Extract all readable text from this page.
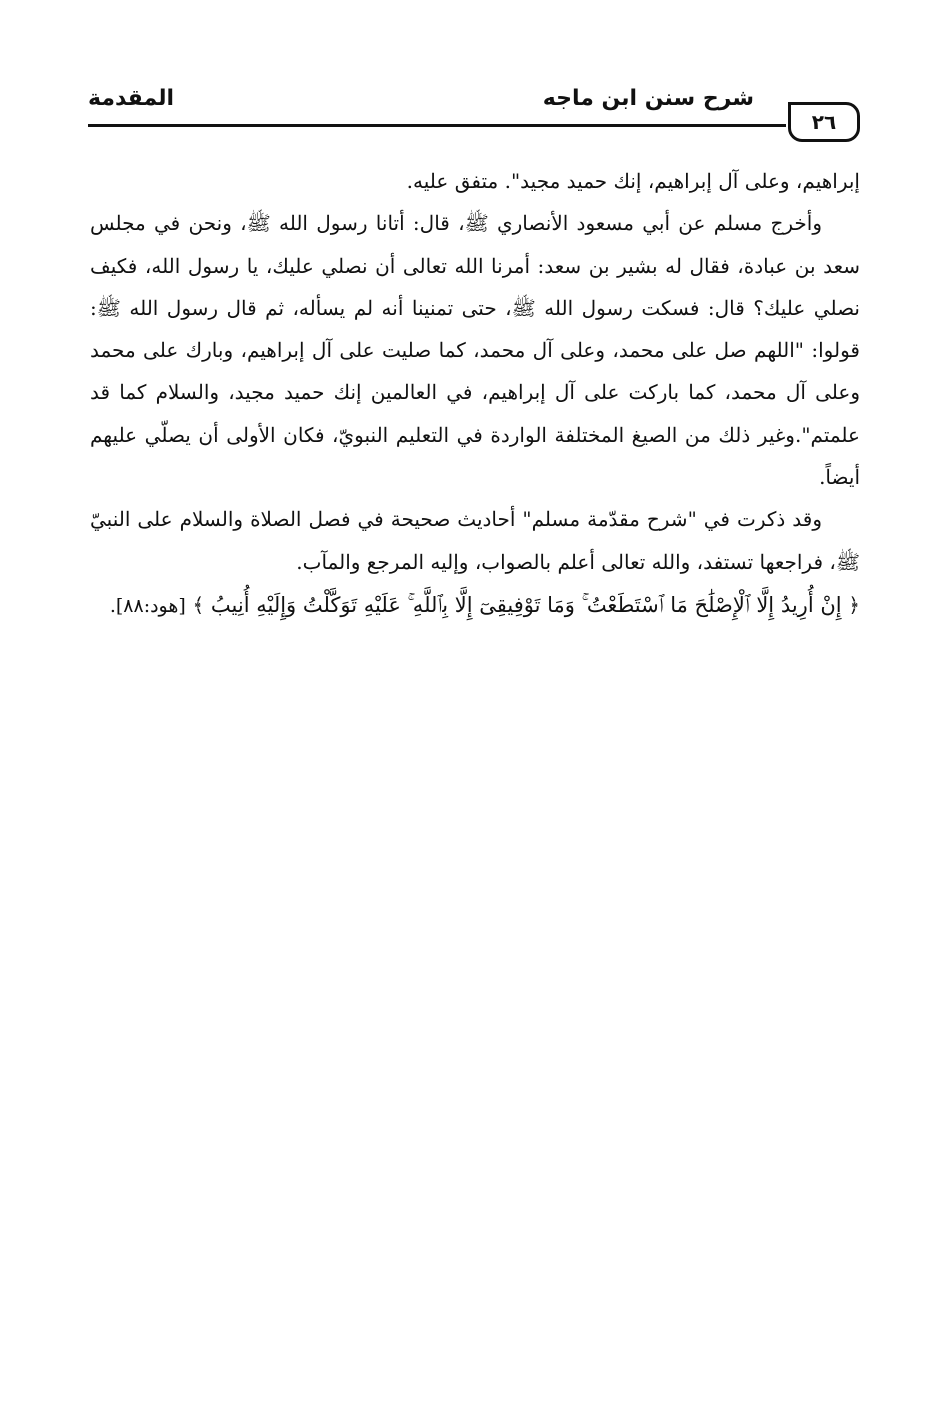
٢٦
شرح سنن ابن ماجه
المقدمة

إبراهيم، وعلى آل إبراهيم، إنك حميد مجيد". متفق عليه.

وأخرج مسلم عن أبي مسعود الأنصاري ﷺ، قال: أتانا رسول الله ﷺ، ونحن في مجلس سعد بن عبادة، فقال له بشير بن سعد: أمرنا الله تعالى أن نصلي عليك، يا رسول الله، فكيف نصلي عليك؟ قال: فسكت رسول الله ﷺ، حتى تمنينا أنه لم يسأله، ثم قال رسول الله ﷺ: قولوا: "اللهم صل على محمد، وعلى آل محمد، كما صليت على آل إبراهيم، وبارك على محمد وعلى آل محمد، كما باركت على آل إبراهيم، في العالمين إنك حميد مجيد، والسلام كما قد علمتم".وغير ذلك من الصيغ المختلفة الواردة في التعليم النبويّ، فكان الأولى أن يصلّي عليهم أيضاً.

وقد ذكرت في "شرح مقدّمة مسلم" أحاديث صحيحة في فصل الصلاة والسلام على النبيّ ﷺ، فراجعها تستفد، والله تعالى أعلم بالصواب، وإليه المرجع والمآب.

﴿ إِنْ أُرِيدُ إِلَّا ٱلْإِصْلَٰحَ مَا ٱسْتَطَعْتُ ۚ وَمَا تَوْفِيقِىٓ إِلَّا بِٱللَّهِ ۚ عَلَيْهِ تَوَكَّلْتُ وَإِلَيْهِ أُنِيبُ ﴾ [هود:٨٨].
